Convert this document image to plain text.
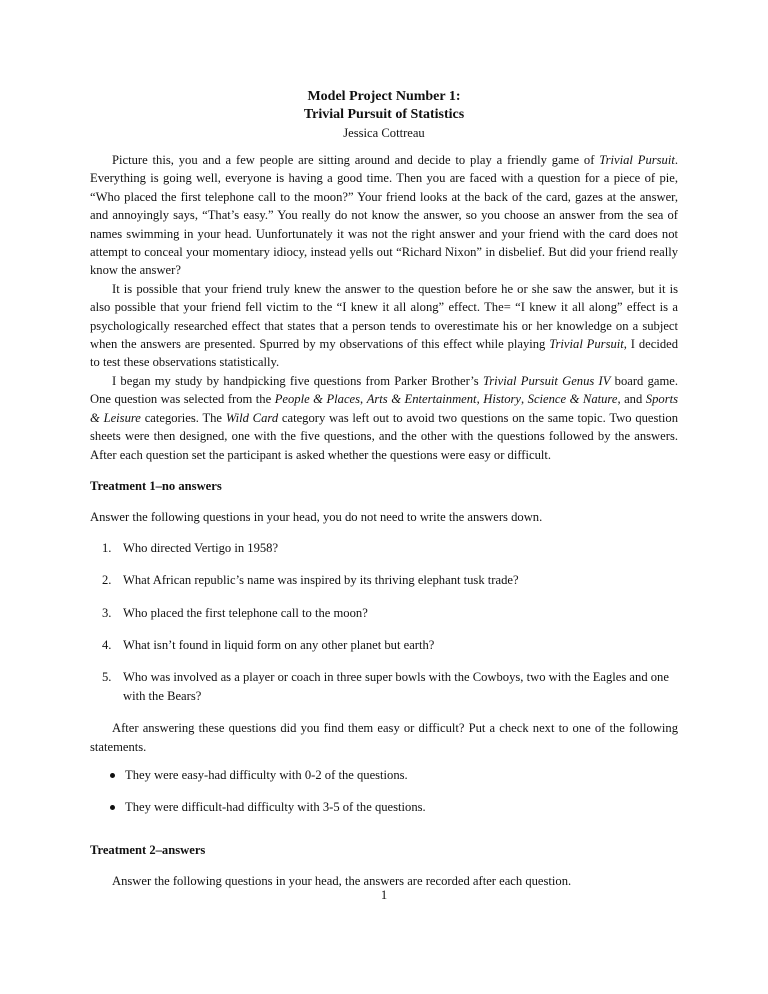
Model Project Number 1:
Trivial Pursuit of Statistics
Jessica Cottreau

Picture this, you and a few people are sitting around and decide to play a friendly game of Trivial Pursuit. Everything is going well, everyone is having a good time. Then you are faced with a question for a piece of pie, “Who placed the first telephone call to the moon?” Your friend looks at the back of the card, gazes at the answer, and annoyingly says, “That’s easy.” You really do not know the answer, so you choose an answer from the sea of names swimming in your head. Uunfortunately it was not the right answer and your friend with the card does not attempt to conceal your momentary idiocy, instead yells out “Richard Nixon” in disbelief. But did your friend really know the answer?

It is possible that your friend truly knew the answer to the question before he or she saw the answer, but it is also possible that your friend fell victim to the “I knew it all along” effect. The= “I knew it all along” effect is a psychologically researched effect that states that a person tends to overestimate his or her knowledge on a subject when the answers are presented. Spurred by my observations of this effect while playing Trivial Pursuit, I decided to test these observations statistically.

I began my study by handpicking five questions from Parker Brother’s Trivial Pursuit Genus IV board game. One question was selected from the People & Places, Arts & Entertainment, History, Science & Nature, and Sports & Leisure categories. The Wild Card category was left out to avoid two questions on the same topic. Two question sheets were then designed, one with the five questions, and the other with the questions followed by the answers. After each question set the participant is asked whether the questions were easy or difficult.

Treatment 1–no answers

Answer the following questions in your head, you do not need to write the answers down.

1. Who directed Vertigo in 1958?
2. What African republic’s name was inspired by its thriving elephant tusk trade?
3. Who placed the first telephone call to the moon?
4. What isn’t found in liquid form on any other planet but earth?
5. Who was involved as a player or coach in three super bowls with the Cowboys, two with the Eagles and one with the Bears?

After answering these questions did you find them easy or difficult? Put a check next to one of the following statements.

They were easy-had difficulty with 0-2 of the questions.
They were difficult-had difficulty with 3-5 of the questions.
Treatment 2–answers

Answer the following questions in your head, the answers are recorded after each question.

1
